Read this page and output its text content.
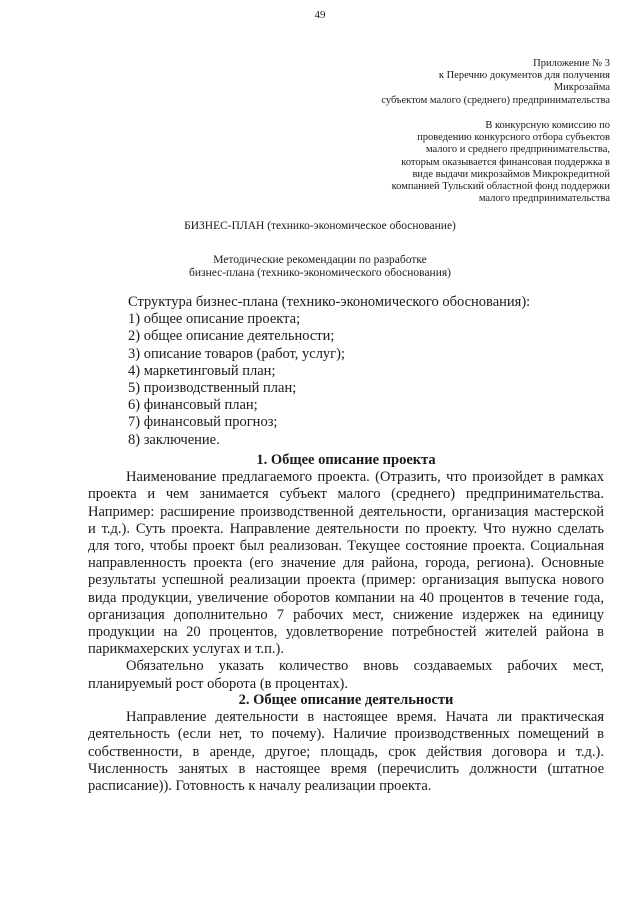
49
Приложение № 3
к Перечню документов для получения
Микрозайма
субъектом малого (среднего) предпринимательства
В конкурсную комиссию по
проведению конкурсного отбора субъектов
малого и среднего предпринимательства,
которым оказывается финансовая поддержка в
виде выдачи микрозаймов Микрокредитной
компанией Тульский областной фонд поддержки
малого предпринимательства
БИЗНЕС-ПЛАН (технико-экономическое обоснование)
Методические рекомендации по разработке
бизнес-плана (технико-экономического обоснования)
Структура бизнес-плана (технико-экономического обоснования):
1) общее описание проекта;
2) общее описание деятельности;
3) описание товаров (работ, услуг);
4) маркетинговый план;
5) производственный план;
6) финансовый план;
7) финансовый прогноз;
8) заключение.
1. Общее описание проекта

Наименование предлагаемого проекта. (Отразить, что произойдет в рамках проекта и чем занимается субъект малого (среднего) предпринимательства. Например: расширение производственной деятельности, организация мастерской и т.д.). Суть проекта. Направление деятельности по проекту. Что нужно сделать для того, чтобы проект был реализован. Текущее состояние проекта. Социальная направленность проекта (его значение для района, города, региона). Основные результаты успешной реализации проекта (пример: организация выпуска нового вида продукции, увеличение оборотов компании на 40 процентов в течение года, организация дополнительно 7 рабочих мест, снижение издержек на единицу продукции на 20 процентов, удовлетворение потребностей жителей района в парикмахерских услугах и т.п.).

Обязательно указать количество вновь создаваемых рабочих мест, планируемый рост оборота (в процентах).

2. Общее описание деятельности

Направление деятельности в настоящее время. Начата ли практическая деятельность (если нет, то почему). Наличие производственных помещений в собственности, в аренде, другое; площадь, срок действия договора и т.д.). Численность занятых в настоящее время (перечислить должности (штатное расписание)). Готовность к началу реализации проекта.
